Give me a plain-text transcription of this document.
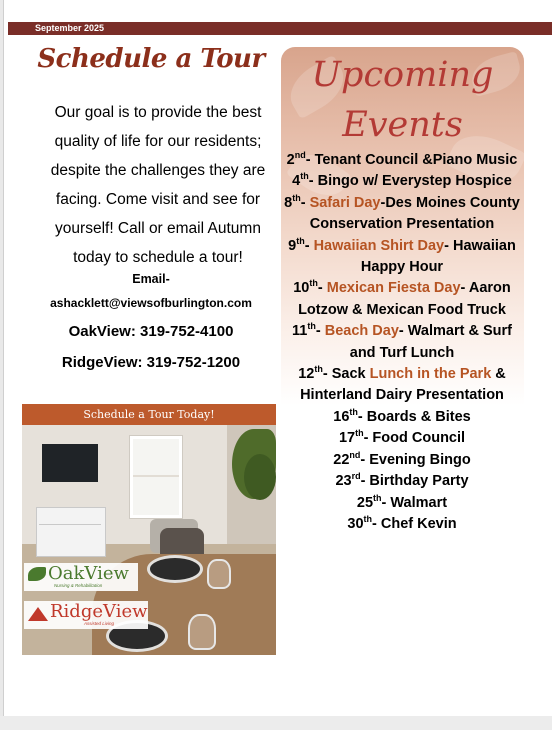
September 2025
Schedule a Tour
Our goal is to provide the best quality of life for our residents; despite the challenges they are facing. Come visit and see for yourself! Call or email Autumn today to schedule a tour!
Email-
ashacklett@viewsofburlington.com
OakView: 319-752-4100
RidgeView: 319-752-1200
Schedule a Tour Today!
OakView
Nursing & Rehabilitation
RidgeView
Assisted Living
Upcoming
Events
2nd- Tenant Council &Piano Music
4th- Bingo w/ Everystep Hospice
8th- Safari Day-Des Moines County Conservation Presentation
9th- Hawaiian Shirt Day- Hawaiian Happy Hour
10th- Mexican Fiesta Day- Aaron Lotzow & Mexican Food Truck
11th- Beach Day- Walmart & Surf and Turf Lunch
12th- Sack Lunch in the Park & Hinterland Dairy Presentation
16th- Boards & Bites
17th- Food Council
22nd- Evening Bingo
23rd- Birthday Party
25th- Walmart
30th- Chef Kevin
